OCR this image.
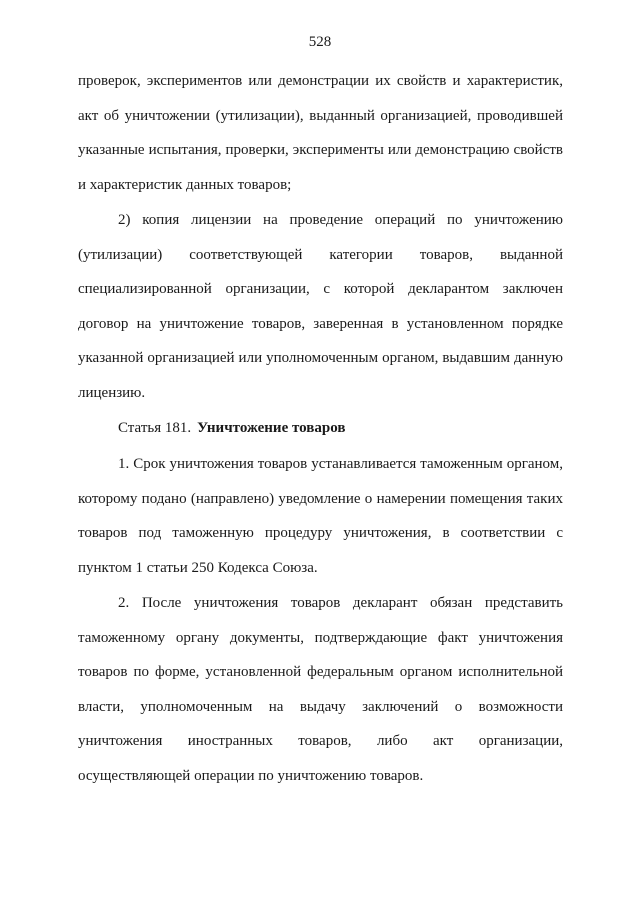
528
проверок, экспериментов или демонстрации их свойств и характеристик,
акт об уничтожении (утилизации), выданный организацией, проводившей
указанные испытания, проверки, эксперименты или демонстрацию свойств
и характеристик данных товаров;
2) копия лицензии на проведение операций по уничтожению
(утилизации) соответствующей категории товаров, выданной
специализированной организации, с которой декларантом заключен
договор на уничтожение товаров, заверенная в установленном порядке
указанной организацией или уполномоченным органом, выдавшим данную
лицензию.
Статья 181. Уничтожение товаров
1. Срок уничтожения товаров устанавливается таможенным органом,
которому подано (направлено) уведомление о намерении помещения таких
товаров под таможенную процедуру уничтожения, в соответствии с
пунктом 1 статьи 250 Кодекса Союза.
2. После уничтожения товаров декларант обязан представить
таможенному органу документы, подтверждающие факт уничтожения
товаров по форме, установленной федеральным органом исполнительной
власти, уполномоченным на выдачу заключений о возможности
уничтожения иностранных товаров, либо акт организации,
осуществляющей операции по уничтожению товаров.
